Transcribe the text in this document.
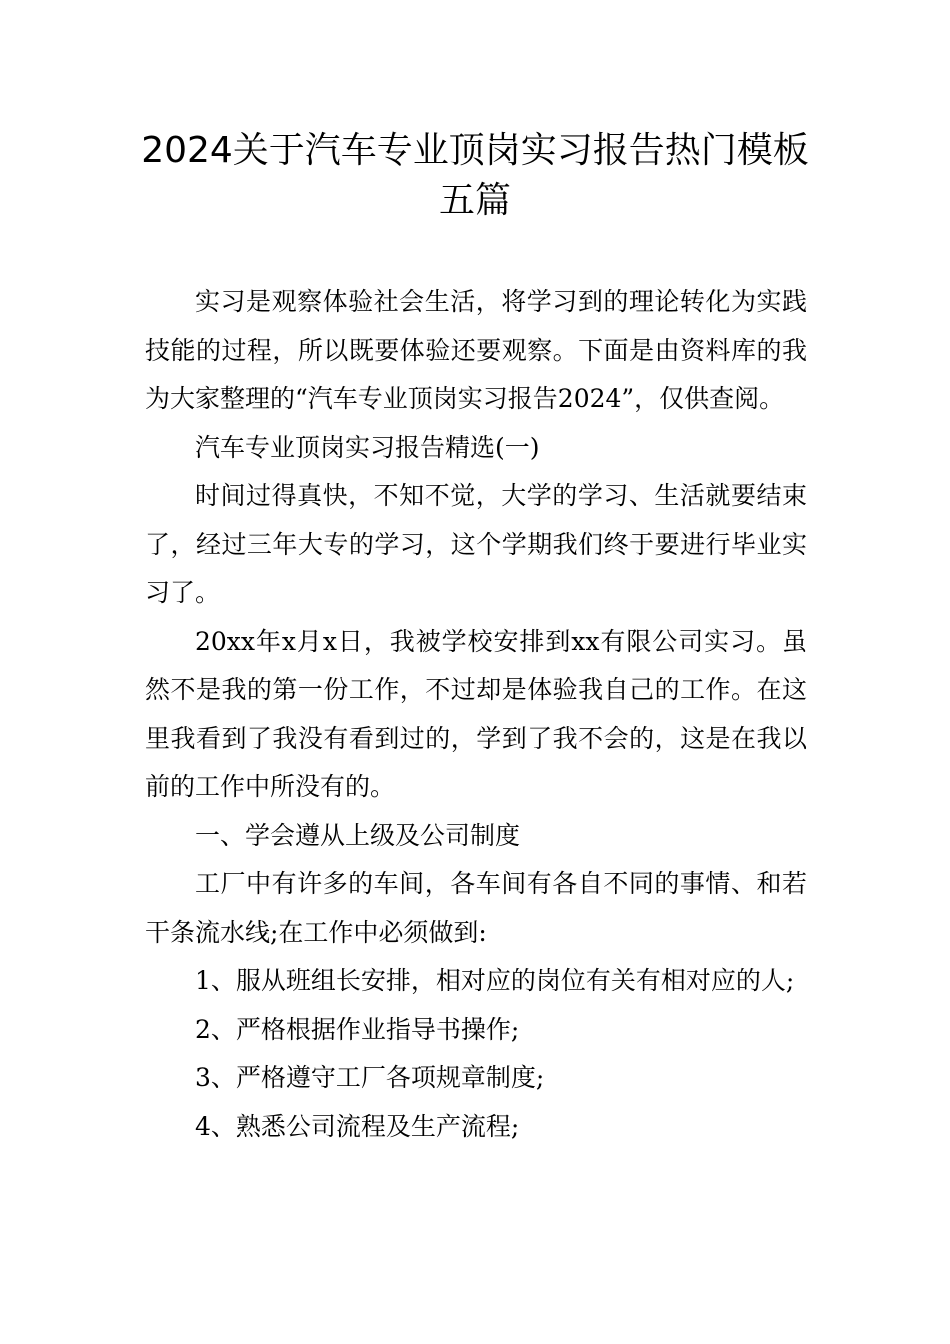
2024关于汽车专业顶岗实习报告热门模板五篇

实习是观察体验社会生活，将学习到的理论转化为实践技能的过程，所以既要体验还要观察。下面是由资料库的我为大家整理的“汽车专业顶岗实习报告2024”，仅供查阅。

汽车专业顶岗实习报告精选(一)

时间过得真快，不知不觉，大学的学习、生活就要结束了，经过三年大专的学习，这个学期我们终于要进行毕业实习了。

20xx年x月x日，我被学校安排到xx有限公司实习。虽然不是我的第一份工作，不过却是体验我自己的工作。在这里我看到了我没有看到过的，学到了我不会的，这是在我以前的工作中所没有的。

一、学会遵从上级及公司制度

工厂中有许多的车间，各车间有各自不同的事情、和若干条流水线;在工作中必须做到:

1、服从班组长安排，相对应的岗位有关有相对应的人;

2、严格根据作业指导书操作;

3、严格遵守工厂各项规章制度;

4、熟悉公司流程及生产流程;
